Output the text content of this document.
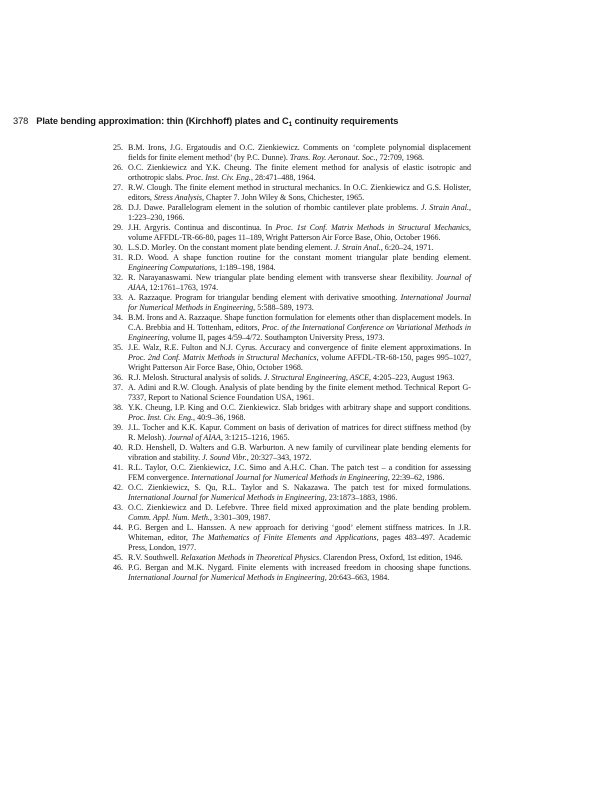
378 Plate bending approximation: thin (Kirchhoff) plates and $C_1$ continuity requirements
25 . B.M. Irons, J.G. Ergatoudis and O.C. Zienkiewicz. Comments on ‘complete polynomial displacement fields for finite element method’ (by P.C. Dunne). Trans. Roy. Aeronaut. Soc., 72:709, 1968.
26 . O.C. Zienkiewicz and Y.K. Cheung. The finite element method for analysis of elastic isotropic and orthotropic slabs. Proc. Inst. Civ. Eng., 28:471–488, 1964.
27 . R.W. Clough. The finite element method in structural mechanics. In O.C. Zienkiewicz and G.S. Holister, editors, Stress Analysis, Chapter 7. John Wiley & Sons, Chichester, 1965.
28 . D.J. Dawe. Parallelogram element in the solution of rhombic cantilever plate problems. J. Strain Anal., 1:223–230, 1966.
29 . J.H. Argyris. Continua and discontinua. In Proc. 1st Conf. Matrix Methods in Structural Mechanics, volume AFFDL-TR-66-80, pages 11–189, Wright Patterson Air Force Base, Ohio, October 1966.
30 . L.S.D. Morley. On the constant moment plate bending element. J. Strain Anal., 6:20–24, 1971.
31 . R.D. Wood. A shape function routine for the constant moment triangular plate bending element. Engineering Computations, 1:189–198, 1984.
32 . R. Narayanaswami. New triangular plate bending element with transverse shear flexibility. Journal of AIAA, 12:1761–1763, 1974.
33 . A. Razzaque. Program for triangular bending element with derivative smoothing. International Journal for Numerical Methods in Engineering, 5:588–589, 1973.
34 . B.M. Irons and A. Razzaque. Shape function formulation for elements other than displacement models. In C.A. Brebbia and H. Tottenham, editors, Proc. of the International Conference on Variational Methods in Engineering, volume II, pages 4/59–4/72. Southampton University Press, 1973.
35 . J.E. Walz, R.E. Fulton and N.J. Cyrus. Accuracy and convergence of finite element approximations. In Proc. 2nd Conf. Matrix Methods in Structural Mechanics, volume AFFDL-TR-68-150, pages 995–1027, Wright Patterson Air Force Base, Ohio, October 1968.
36 . R.J. Melosh. Structural analysis of solids. J. Structural Engineering, ASCE, 4:205–223, August 1963.
37 . A. Adini and R.W. Clough. Analysis of plate bending by the finite element method. Technical Report G-7337, Report to National Science Foundation USA, 1961.
38 . Y.K. Cheung, I.P. King and O.C. Zienkiewicz. Slab bridges with arbitrary shape and support conditions. Proc. Inst. Civ. Eng., 40:9–36, 1968.
39 . J.L. Tocher and K.K. Kapur. Comment on basis of derivation of matrices for direct stiffness method (by R. Melosh). Journal of AIAA, 3:1215–1216, 1965.
40 . R.D. Henshell, D. Walters and G.B. Warburton. A new family of curvilinear plate bending elements for vibration and stability. J. Sound Vibr., 20:327–343, 1972.
41 . R.L. Taylor, O.C. Zienkiewicz, J.C. Simo and A.H.C. Chan. The patch test – a condition for assessing FEM convergence. International Journal for Numerical Methods in Engineering, 22:39–62, 1986.
42 . O.C. Zienkiewicz, S. Qu, R.L. Taylor and S. Nakazawa. The patch test for mixed formulations. International Journal for Numerical Methods in Engineering, 23:1873–1883, 1986.
43 . O.C. Zienkiewicz and D. Lefebvre. Three field mixed approximation and the plate bending problem. Comm. Appl. Num. Meth., 3:301–309, 1987.
44 . P.G. Bergen and L. Hanssen. A new approach for deriving ‘good’ element stiffness matrices. In J.R. Whiteman, editor, The Mathematics of Finite Elements and Applications, pages 483–497. Academic Press, London, 1977.
45 . R.V. Southwell. Relaxation Methods in Theoretical Physics. Clarendon Press, Oxford, 1st edition, 1946.
46 . P.G. Bergan and M.K. Nygard. Finite elements with increased freedom in choosing shape functions. International Journal for Numerical Methods in Engineering, 20:643–663, 1984.
